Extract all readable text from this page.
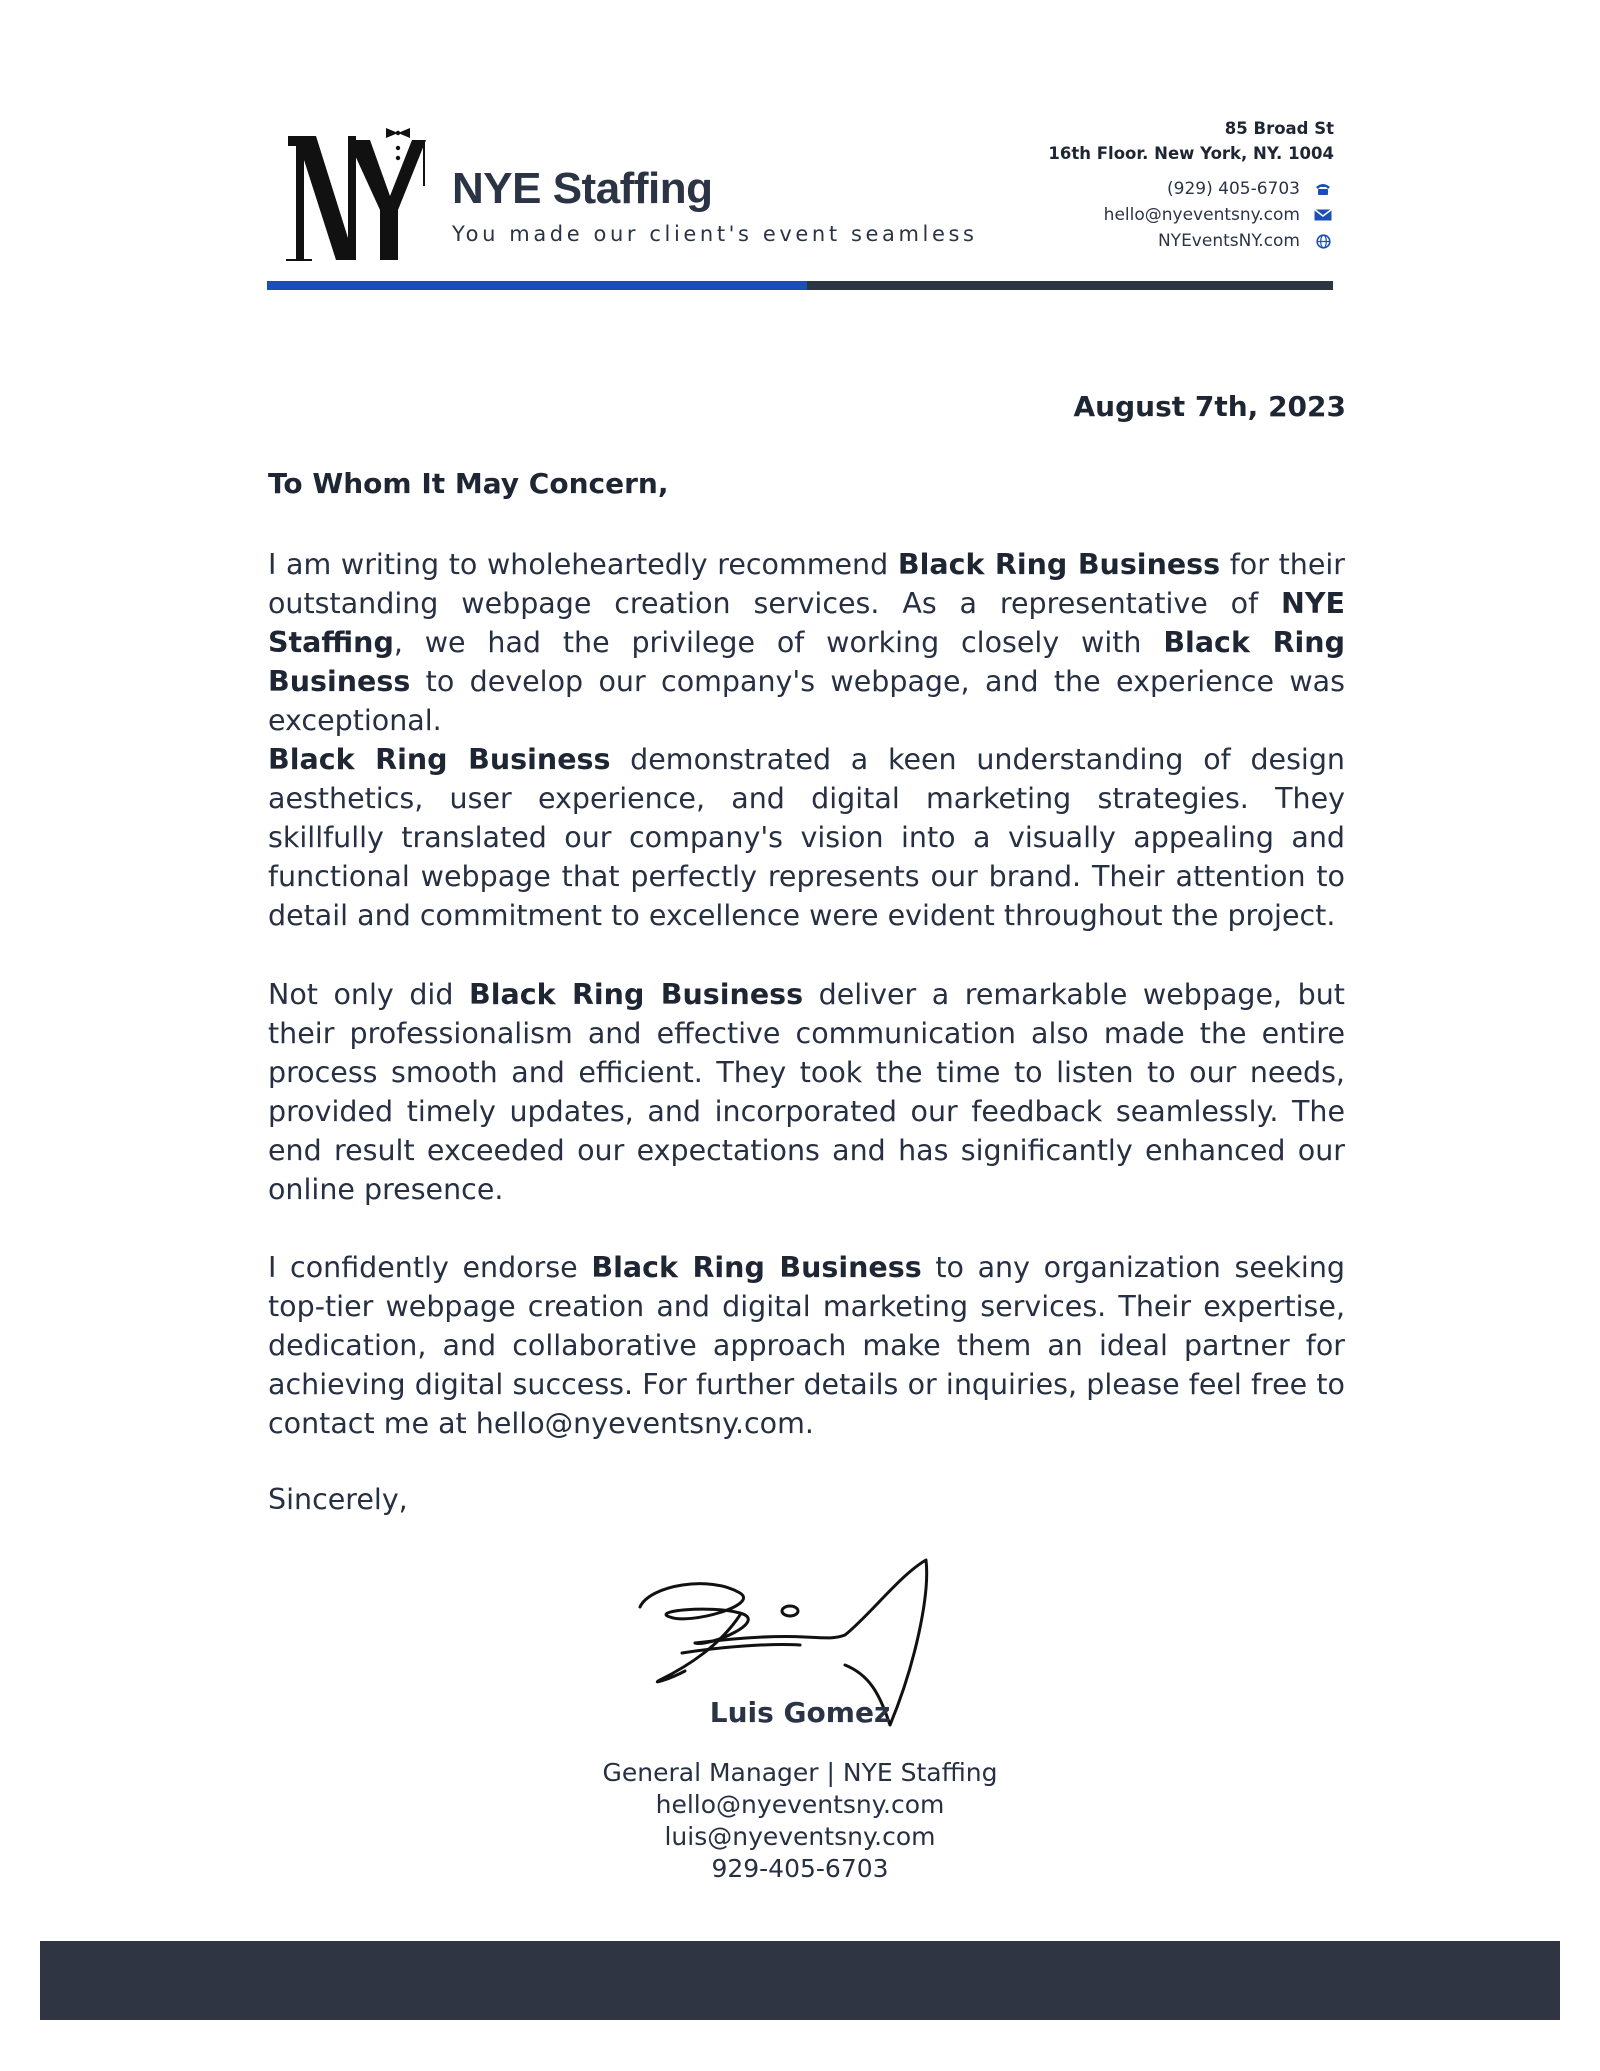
NYE Staffing
You made our client's event seamless
85 Broad St
16th Floor. New York, NY. 1004
(929) 405-6703
hello@nyeventsny.com
NYEventsNY.com
August 7th, 2023
To Whom It May Concern,

I am writing to wholeheartedly recommend Black Ring Business for their outstanding webpage creation services. As a representative of NYE Staffing, we had the privilege of working closely with Black Ring Business to develop our company's webpage, and the experience was exceptional.

Black Ring Business demonstrated a keen understanding of design aesthetics, user experience, and digital marketing strategies. They skillfully translated our company's vision into a visually appealing and functional webpage that perfectly represents our brand. Their attention to detail and commitment to excellence were evident throughout the project.

Not only did Black Ring Business deliver a remarkable webpage, but their professionalism and effective communication also made the entire process smooth and efficient. They took the time to listen to our needs, provided timely updates, and incorporated our feedback seamlessly. The end result exceeded our expectations and has significantly enhanced our online presence.

I confidently endorse Black Ring Business to any organization seeking top-tier webpage creation and digital marketing services. Their expertise, dedication, and collaborative approach make them an ideal partner for achieving digital success. For further details or inquiries, please feel free to contact me at hello@nyeventsny.com.

Sincerely,
Luis Gomez
General Manager | NYE Staffing
hello@nyeventsny.com
luis@nyeventsny.com
929-405-6703
